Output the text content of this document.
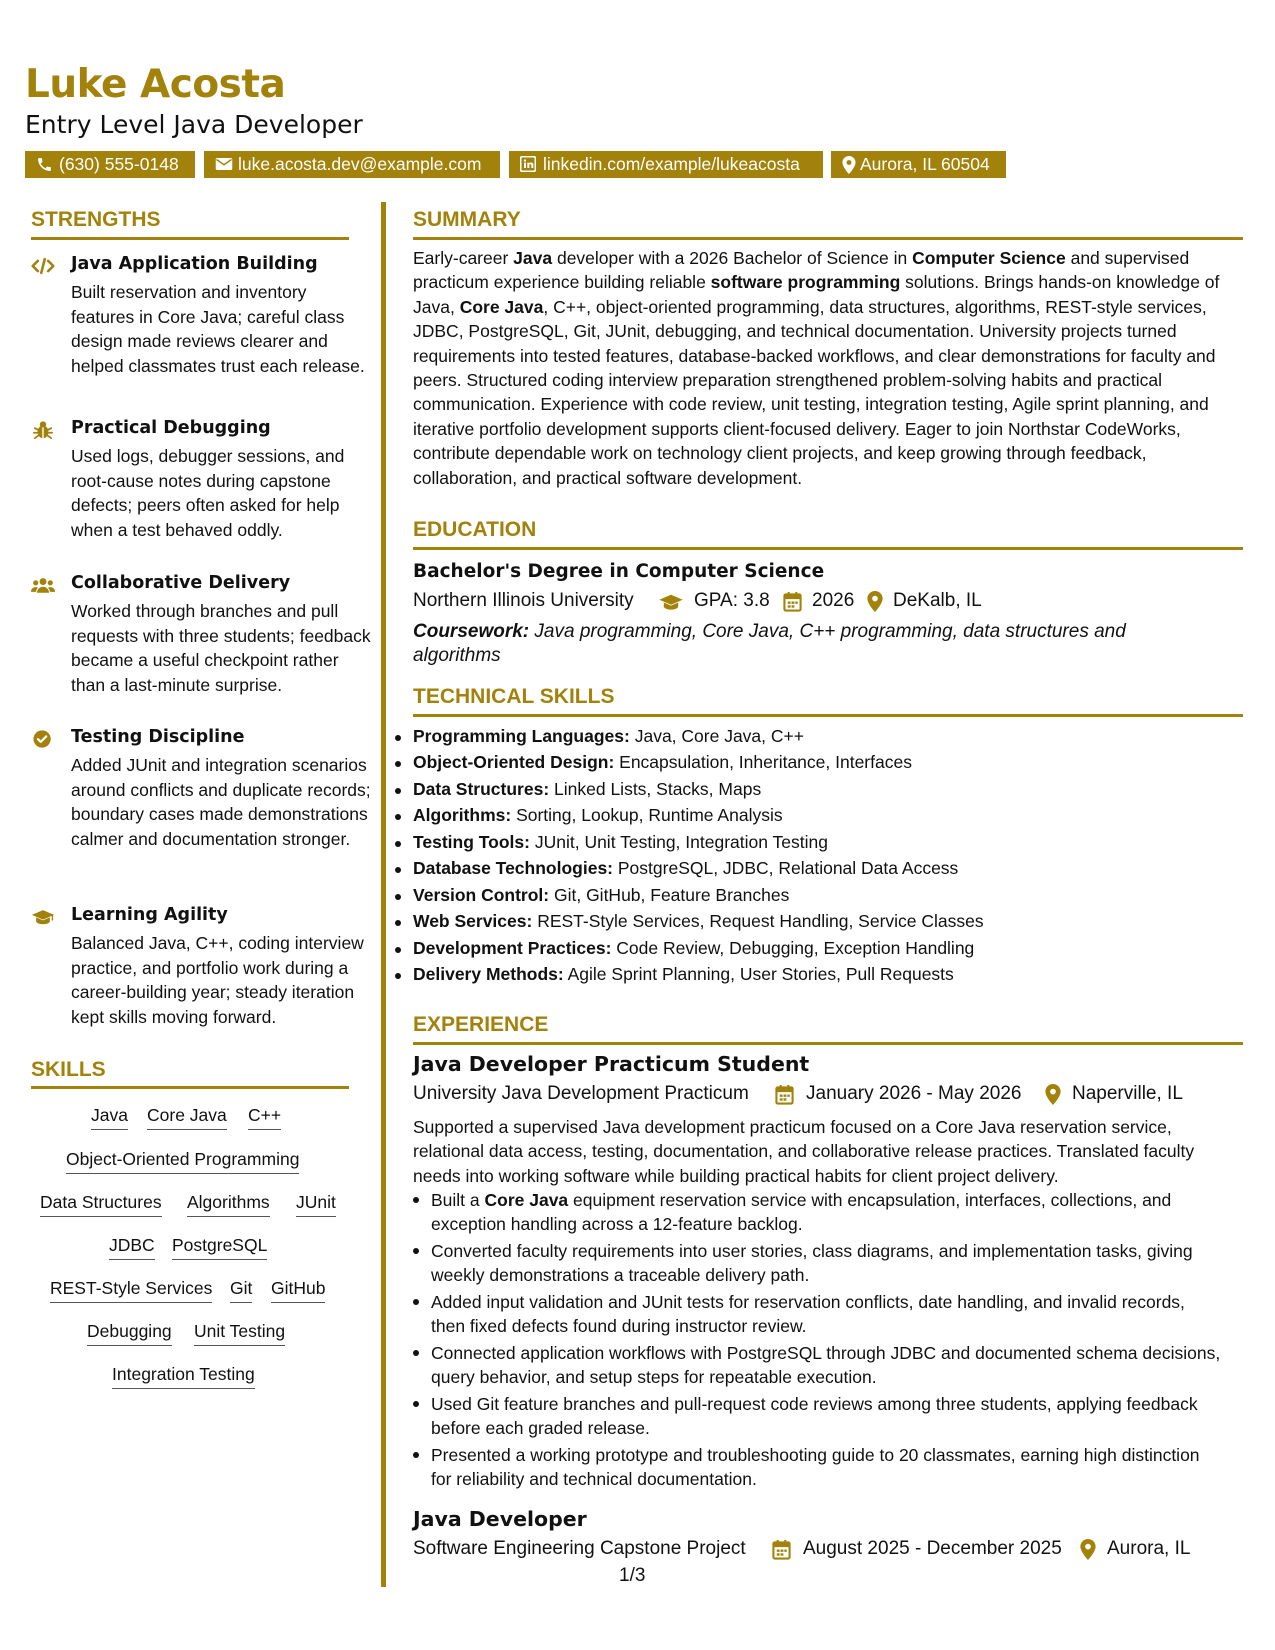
Luke Acosta
Entry Level Java Developer
(630) 555-0148	luke.acosta.dev@example.com	linkedin.com/example/lukeacosta	Aurora, IL 60504
STRENGTHS
Java Application Building
Built reservation and inventory features in Core Java; careful class design made reviews clearer and helped classmates trust each release.
Practical Debugging
Used logs, debugger sessions, and root-cause notes during capstone defects; peers often asked for help when a test behaved oddly.
Collaborative Delivery
Worked through branches and pull requests with three students; feedback became a useful checkpoint rather than a last-minute surprise.
Testing Discipline
Added JUnit and integration scenarios around conflicts and duplicate records; boundary cases made demonstrations calmer and documentation stronger.
Learning Agility
Balanced Java, C++, coding interview practice, and portfolio work during a career-building year; steady iteration kept skills moving forward.
SKILLS
Java Core Java C++
Object-Oriented Programming
Data Structures Algorithms JUnit
JDBC PostgreSQL
REST-Style Services Git GitHub
Debugging Unit Testing
Integration Testing
SUMMARY
Early-career Java developer with a 2026 Bachelor of Science in Computer Science and supervised practicum experience building reliable software programming solutions. Brings hands-on knowledge of Java, Core Java, C++, object-oriented programming, data structures, algorithms, REST-style services, JDBC, PostgreSQL, Git, JUnit, debugging, and technical documentation. University projects turned requirements into tested features, database-backed workflows, and clear demonstrations for faculty and peers. Structured coding interview preparation strengthened problem-solving habits and practical communication. Experience with code review, unit testing, integration testing, Agile sprint planning, and iterative portfolio development supports client-focused delivery. Eager to join Northstar CodeWorks, contribute dependable work on technology client projects, and keep growing through feedback, collaboration, and practical software development.
EDUCATION
Bachelor's Degree in Computer Science
Northern Illinois University	GPA: 3.8 2026 DeKalb, IL
Coursework: Java programming, Core Java, C++ programming, data structures and algorithms
TECHNICAL SKILLS
Programming Languages: Java, Core Java, C++
Object-Oriented Design: Encapsulation, Inheritance, Interfaces
Data Structures: Linked Lists, Stacks, Maps
Algorithms: Sorting, Lookup, Runtime Analysis
Testing Tools: JUnit, Unit Testing, Integration Testing
Database Technologies: PostgreSQL, JDBC, Relational Data Access
Version Control: Git, GitHub, Feature Branches
Web Services: REST-Style Services, Request Handling, Service Classes
Development Practices: Code Review, Debugging, Exception Handling
Delivery Methods: Agile Sprint Planning, User Stories, Pull Requests
EXPERIENCE
Java Developer Practicum Student
University Java Development Practicum	January 2026 - May 2026	Naperville, IL
Supported a supervised Java development practicum focused on a Core Java reservation service, relational data access, testing, documentation, and collaborative release practices. Translated faculty needs into working software while building practical habits for client project delivery.
Built a Core Java equipment reservation service with encapsulation, interfaces, collections, and exception handling across a 12-feature backlog.
Converted faculty requirements into user stories, class diagrams, and implementation tasks, giving weekly demonstrations a traceable delivery path.
Added input validation and JUnit tests for reservation conflicts, date handling, and invalid records, then fixed defects found during instructor review.
Connected application workflows with PostgreSQL through JDBC and documented schema decisions, query behavior, and setup steps for repeatable execution.
Used Git feature branches and pull-request code reviews among three students, applying feedback before each graded release.
Presented a working prototype and troubleshooting guide to 20 classmates, earning high distinction for reliability and technical documentation.
Java Developer
Software Engineering Capstone Project	August 2025 - December 2025 Aurora, IL
1/3
